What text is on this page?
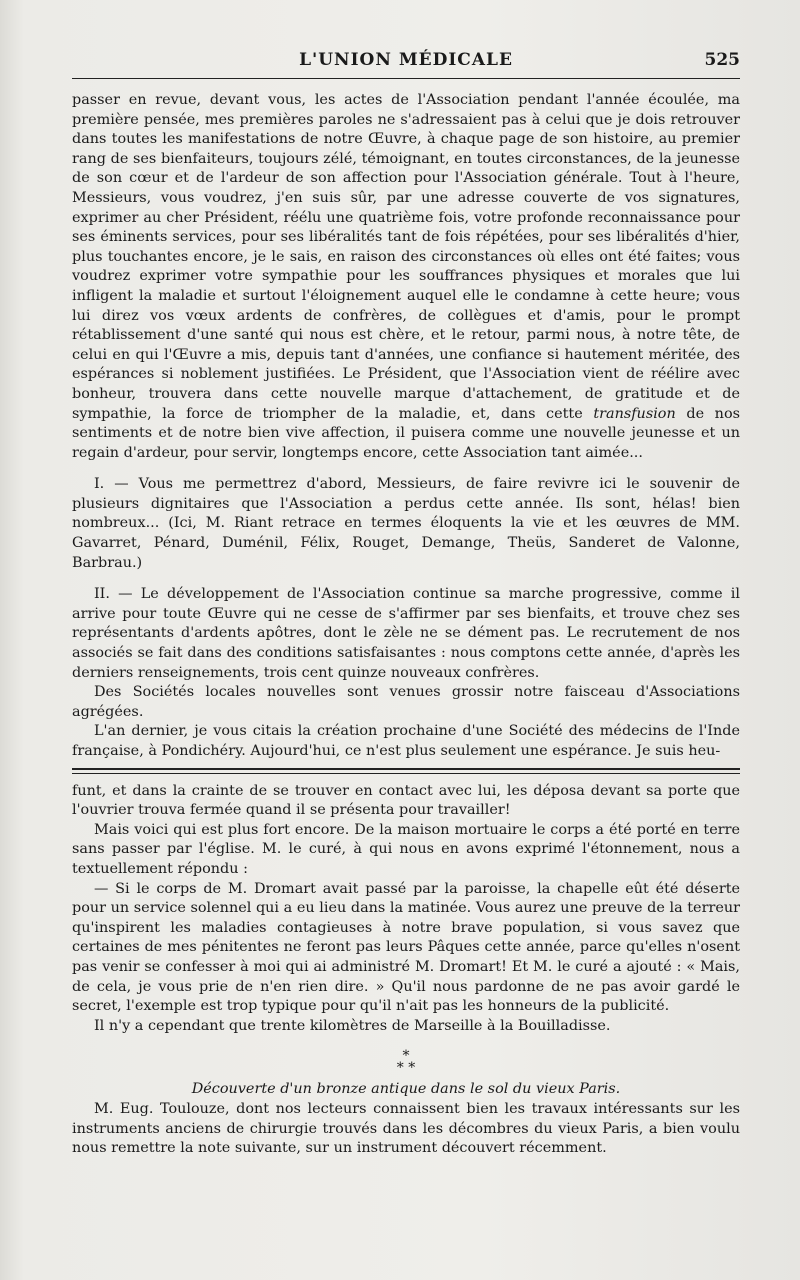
L'UNION MÉDICALE	525

passer en revue, devant vous, les actes de l'Association pendant l'année écoulée, ma première pensée, mes premières paroles ne s'adressaient pas à celui que je dois retrouver dans toutes les manifestations de notre Œuvre, à chaque page de son histoire, au premier rang de ses bienfaiteurs, toujours zélé, témoignant, en toutes circonstances, de la jeunesse de son cœur et de l'ardeur de son affection pour l'Association générale. Tout à l'heure, Messieurs, vous voudrez, j'en suis sûr, par une adresse couverte de vos signatures, exprimer au cher Président, réélu une quatrième fois, votre profonde reconnaissance pour ses éminents services, pour ses libéralités tant de fois répétées, pour ses libéralités d'hier, plus touchantes encore, je le sais, en raison des circonstances où elles ont été faites; vous voudrez exprimer votre sympathie pour les souffrances physiques et morales que lui infligent la maladie et surtout l'éloignement auquel elle le condamne à cette heure; vous lui direz vos vœux ardents de confrères, de collègues et d'amis, pour le prompt rétablissement d'une santé qui nous est chère, et le retour, parmi nous, à notre tête, de celui en qui l'Œuvre a mis, depuis tant d'années, une confiance si hautement méritée, des espérances si noblement justifiées. Le Président, que l'Association vient de réélire avec bonheur, trouvera dans cette nouvelle marque d'attachement, de gratitude et de sympathie, la force de triompher de la maladie, et, dans cette transfusion de nos sentiments et de notre bien vive affection, il puisera comme une nouvelle jeunesse et un regain d'ardeur, pour servir, longtemps encore, cette Association tant aimée...

I. — Vous me permettrez d'abord, Messieurs, de faire revivre ici le souvenir de plusieurs dignitaires que l'Association a perdus cette année. Ils sont, hélas! bien nombreux... (Ici, M. Riant retrace en termes éloquents la vie et les œuvres de MM. Gavarret, Pénard, Duménil, Félix, Rouget, Demange, Theüs, Sanderet de Valonne, Barbrau.)

II. — Le développement de l'Association continue sa marche progressive, comme il arrive pour toute Œuvre qui ne cesse de s'affirmer par ses bienfaits, et trouve chez ses représentants d'ardents apôtres, dont le zèle ne se dément pas. Le recrutement de nos associés se fait dans des conditions satisfaisantes : nous comptons cette année, d'après les derniers renseignements, trois cent quinze nouveaux confrères.

Des Sociétés locales nouvelles sont venues grossir notre faisceau d'Associations agrégées.

L'an dernier, je vous citais la création prochaine d'une Société des médecins de l'Inde française, à Pondichéry. Aujourd'hui, ce n'est plus seulement une espérance. Je suis heu-

funt, et dans la crainte de se trouver en contact avec lui, les déposa devant sa porte que l'ouvrier trouva fermée quand il se présenta pour travailler!

Mais voici qui est plus fort encore. De la maison mortuaire le corps a été porté en terre sans passer par l'église. M. le curé, à qui nous en avons exprimé l'étonnement, nous a textuellement répondu :

— Si le corps de M. Dromart avait passé par la paroisse, la chapelle eût été déserte pour un service solennel qui a eu lieu dans la matinée. Vous aurez une preuve de la terreur qu'inspirent les maladies contagieuses à notre brave population, si vous savez que certaines de mes pénitentes ne feront pas leurs Pâques cette année, parce qu'elles n'osent pas venir se confesser à moi qui ai administré M. Dromart! Et M. le curé a ajouté : « Mais, de cela, je vous prie de n'en rien dire. » Qu'il nous pardonne de ne pas avoir gardé le secret, l'exemple est trop typique pour qu'il n'ait pas les honneurs de la publicité.

Il n'y a cependant que trente kilomètres de Marseille à la Bouilladisse.

*
* *

Découverte d'un bronze antique dans le sol du vieux Paris.

M. Eug. Toulouze, dont nos lecteurs connaissent bien les travaux intéressants sur les instruments anciens de chirurgie trouvés dans les décombres du vieux Paris, a bien voulu nous remettre la note suivante, sur un instrument découvert récemment.
